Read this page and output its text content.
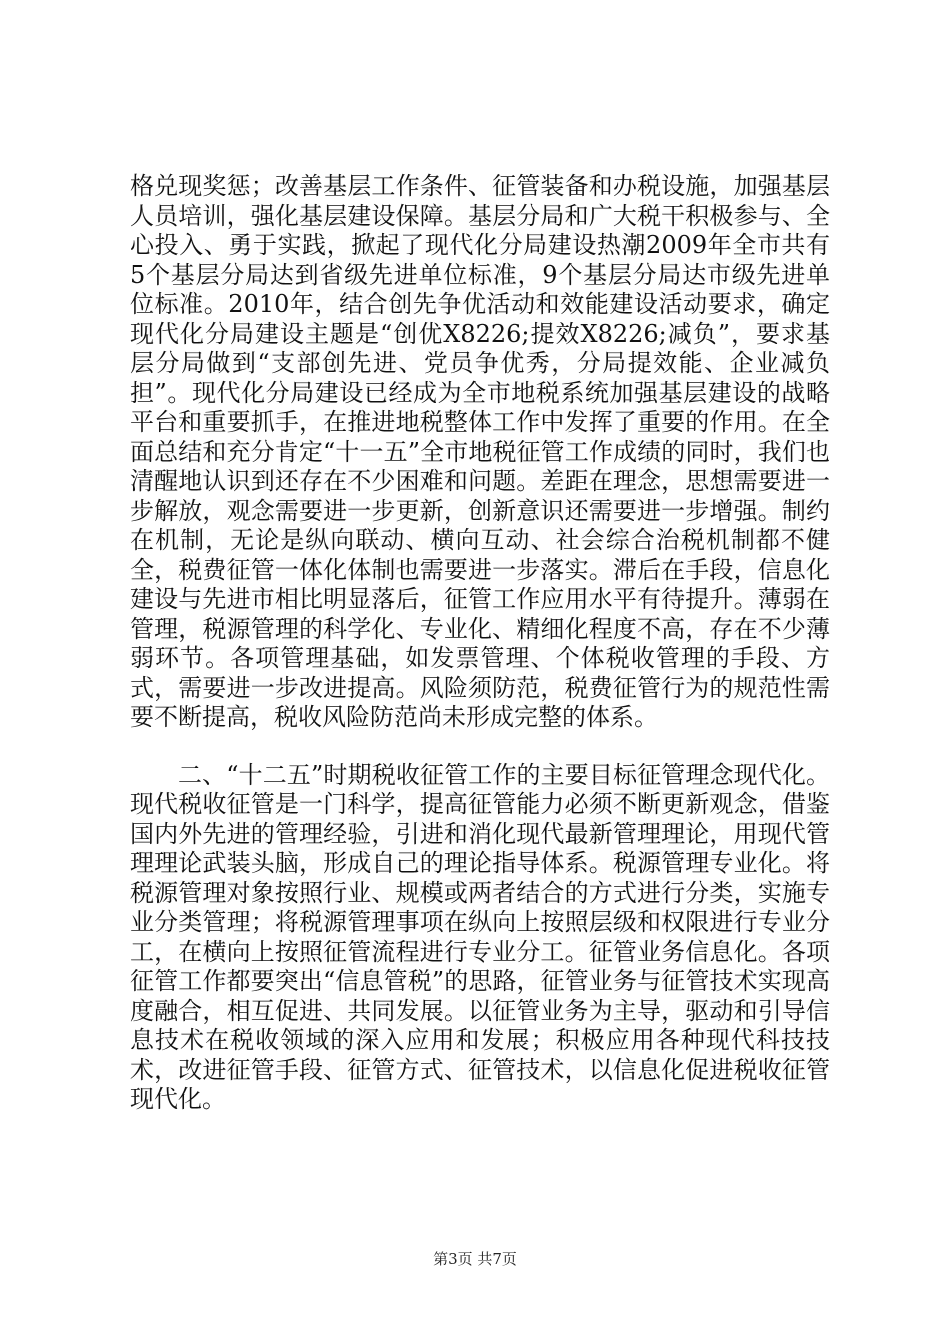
格兑现奖惩；改善基层工作条件、征管装备和办税设施，加强基层人员培训，强化基层建设保障。基层分局和广大税干积极参与、全心投入、勇于实践，掀起了现代化分局建设热潮2009年全市共有5个基层分局达到省级先进单位标准，9个基层分局达市级先进单位标准。2010年，结合创先争优活动和效能建设活动要求，确定现代化分局建设主题是“创优X8226;提效X8226;减负”，要求基层分局做到“支部创先进、党员争优秀，分局提效能、企业减负担”。现代化分局建设已经成为全市地税系统加强基层建设的战略平台和重要抓手，在推进地税整体工作中发挥了重要的作用。在全面总结和充分肯定“十一五”全市地税征管工作成绩的同时，我们也清醒地认识到还存在不少困难和问题。差距在理念，思想需要进一步解放，观念需要进一步更新，创新意识还需要进一步增强。制约在机制，无论是纵向联动、横向互动、社会综合治税机制都不健全，税费征管一体化体制也需要进一步落实。滞后在手段，信息化建设与先进市相比明显落后，征管工作应用水平有待提升。薄弱在管理，税源管理的科学化、专业化、精细化程度不高，存在不少薄弱环节。各项管理基础，如发票管理、个体税收管理的手段、方式，需要进一步改进提高。风险须防范，税费征管行为的规范性需要不断提高，税收风险防范尚未形成完整的体系。

二、“十二五”时期税收征管工作的主要目标征管理念现代化。现代税收征管是一门科学，提高征管能力必须不断更新观念，借鉴国内外先进的管理经验，引进和消化现代最新管理理论，用现代管理理论武装头脑，形成自己的理论指导体系。税源管理专业化。将税源管理对象按照行业、规模或两者结合的方式进行分类，实施专业分类管理；将税源管理事项在纵向上按照层级和权限进行专业分工，在横向上按照征管流程进行专业分工。征管业务信息化。各项征管工作都要突出“信息管税”的思路，征管业务与征管技术实现高度融合，相互促进、共同发展。以征管业务为主导，驱动和引导信息技术在税收领域的深入应用和发展；积极应用各种现代科技技术，改进征管手段、征管方式、征管技术，以信息化促进税收征管现代化。

第3页 共7页
